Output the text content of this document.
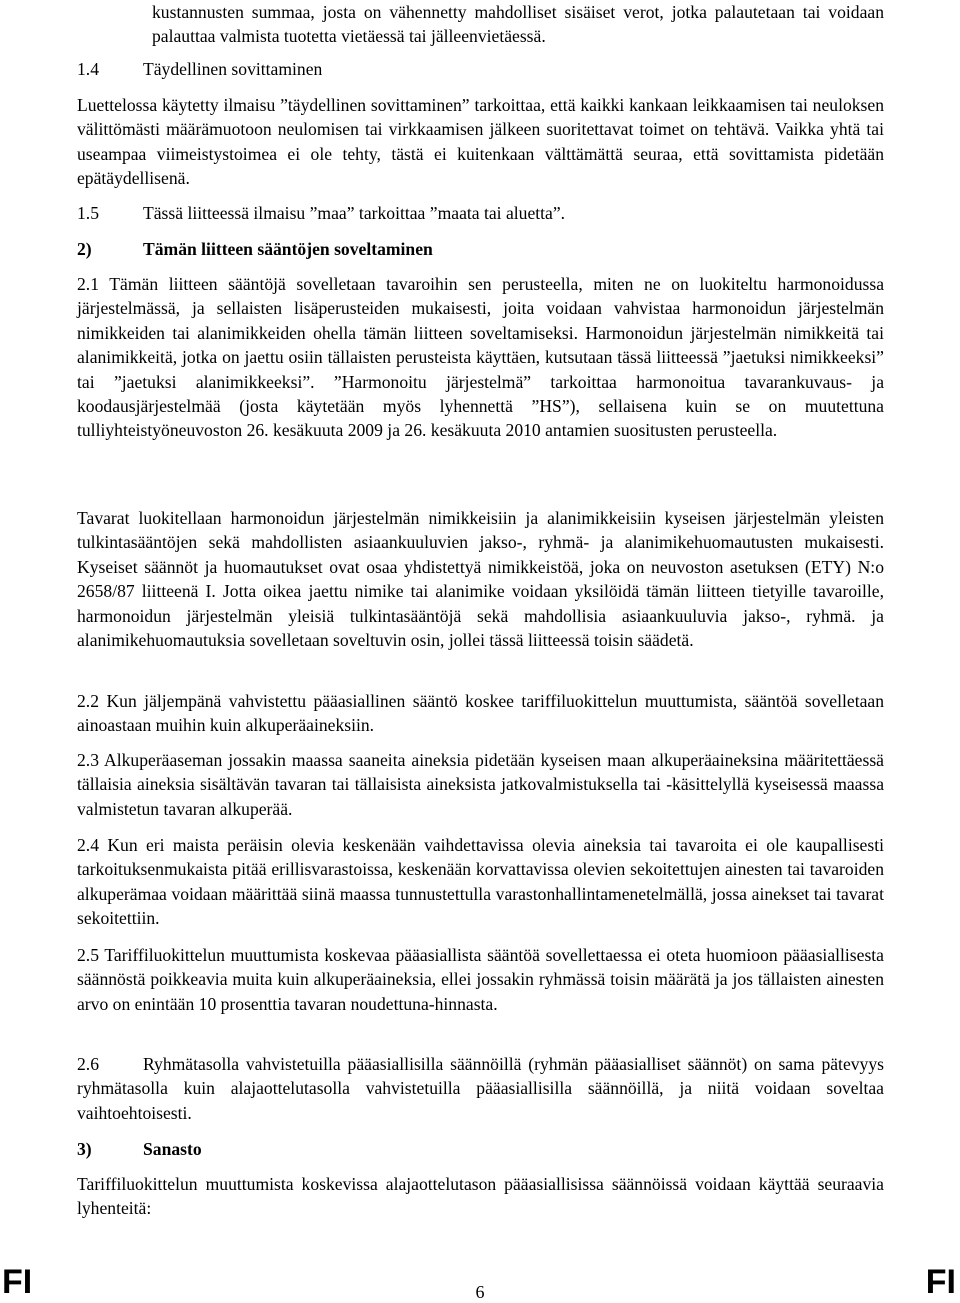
kustannusten summaa, josta on vähennetty mahdolliset sisäiset verot, jotka palautetaan tai voidaan palauttaa valmista tuotetta vietäessä tai jälleenvietäessä.

1.4	Täydellinen sovittaminen

Luettelossa käytetty ilmaisu ”täydellinen sovittaminen” tarkoittaa, että kaikki kankaan leikkaamisen tai neuloksen välittömästi määrämuotoon neulomisen tai virkkaamisen jälkeen suoritettavat toimet on tehtävä. Vaikka yhtä tai useampaa viimeistystoimea ei ole tehty, tästä ei kuitenkaan välttämättä seuraa, että sovittamista pidetään epätäydellisenä.

1.5	Tässä liitteessä ilmaisu ”maa” tarkoittaa ”maata tai aluetta”.

2)	Tämän liitteen sääntöjen soveltaminen

2.1 Tämän liitteen sääntöjä sovelletaan tavaroihin sen perusteella, miten ne on luokiteltu harmonoidussa järjestelmässä, ja sellaisten lisäperusteiden mukaisesti, joita voidaan vahvistaa harmonoidun järjestelmän nimikkeiden tai alanimikkeiden ohella tämän liitteen soveltamiseksi. Harmonoidun järjestelmän nimikkeitä tai alanimikkeitä, jotka on jaettu osiin tällaisten perusteista käyttäen, kutsutaan tässä liitteessä ”jaetuksi nimikkeeksi” tai ”jaetuksi alanimikkeeksi”. ”Harmonoitu järjestelmä” tarkoittaa harmonoitua tavarankuvaus- ja koodausjärjestelmää (josta käytetään myös lyhennettä ”HS”), sellaisena kuin se on muutettuna tulliyhteistyöneuvoston 26. kesäkuuta 2009 ja 26. kesäkuuta 2010 antamien suositusten perusteella.

Tavarat luokitellaan harmonoidun järjestelmän nimikkeisiin ja alanimikkeisiin kyseisen järjestelmän yleisten tulkintasääntöjen sekä mahdollisten asiaankuuluvien jakso-, ryhmä- ja alanimikehuomautusten mukaisesti. Kyseiset säännöt ja huomautukset ovat osaa yhdistettyä nimikkeistöä, joka on neuvoston asetuksen (ETY) N:o 2658/87 liitteenä I. Jotta oikea jaettu nimike tai alanimike voidaan yksilöidä tämän liitteen tietyille tavaroille, harmonoidun järjestelmän yleisiä tulkintasääntöjä sekä mahdollisia asiaankuuluvia jakso-, ryhmä. ja alanimikehuomautuksia sovelletaan soveltuvin osin, jollei tässä liitteessä toisin säädetä.

2.2 Kun jäljempänä vahvistettu pääasiallinen sääntö koskee tariffiluokittelun muuttumista, sääntöä sovelletaan ainoastaan muihin kuin alkuperäaineksiin.

2.3 Alkuperäaseman jossakin maassa saaneita aineksia pidetään kyseisen maan alkuperäaineksina määritettäessä tällaisia aineksia sisältävän tavaran tai tällaisista aineksista jatkovalmistuksella tai -käsittelyllä kyseisessä maassa valmistetun tavaran alkuperää.

2.4 Kun eri maista peräisin olevia keskenään vaihdettavissa olevia aineksia tai tavaroita ei ole kaupallisesti tarkoituksenmukaista pitää erillisvarastoissa, keskenään korvattavissa olevien sekoitettujen ainesten tai tavaroiden alkuperämaa voidaan määrittää siinä maassa tunnustettulla varastonhallintamenetelmällä, jossa ainekset tai tavarat sekoitettiin.

2.5 Tariffiluokittelun muuttumista koskevaa pääasiallista sääntöä sovellettaessa ei oteta huomioon pääasiallisesta säännöstä poikkeavia muita kuin alkuperäaineksia, ellei jossakin ryhmässä toisin määrätä ja jos tällaisten ainesten arvo on enintään 10 prosenttia tavaran noudettuna-hinnasta.

2.6	Ryhmätasolla vahvistetuilla pääasiallisilla säännöillä (ryhmän pääasialliset säännöt) on sama pätevyys ryhmätasolla kuin alajaottelutasolla vahvistetuilla pääasiallisilla säännöillä, ja niitä voidaan soveltaa vaihtoehtoisesti.

3)	Sanasto

Tariffiluokittelun muuttumista koskevissa alajaottelutason pääasiallisissa säännöissä voidaan käyttää seuraavia lyhenteitä:

FI	6	FI
